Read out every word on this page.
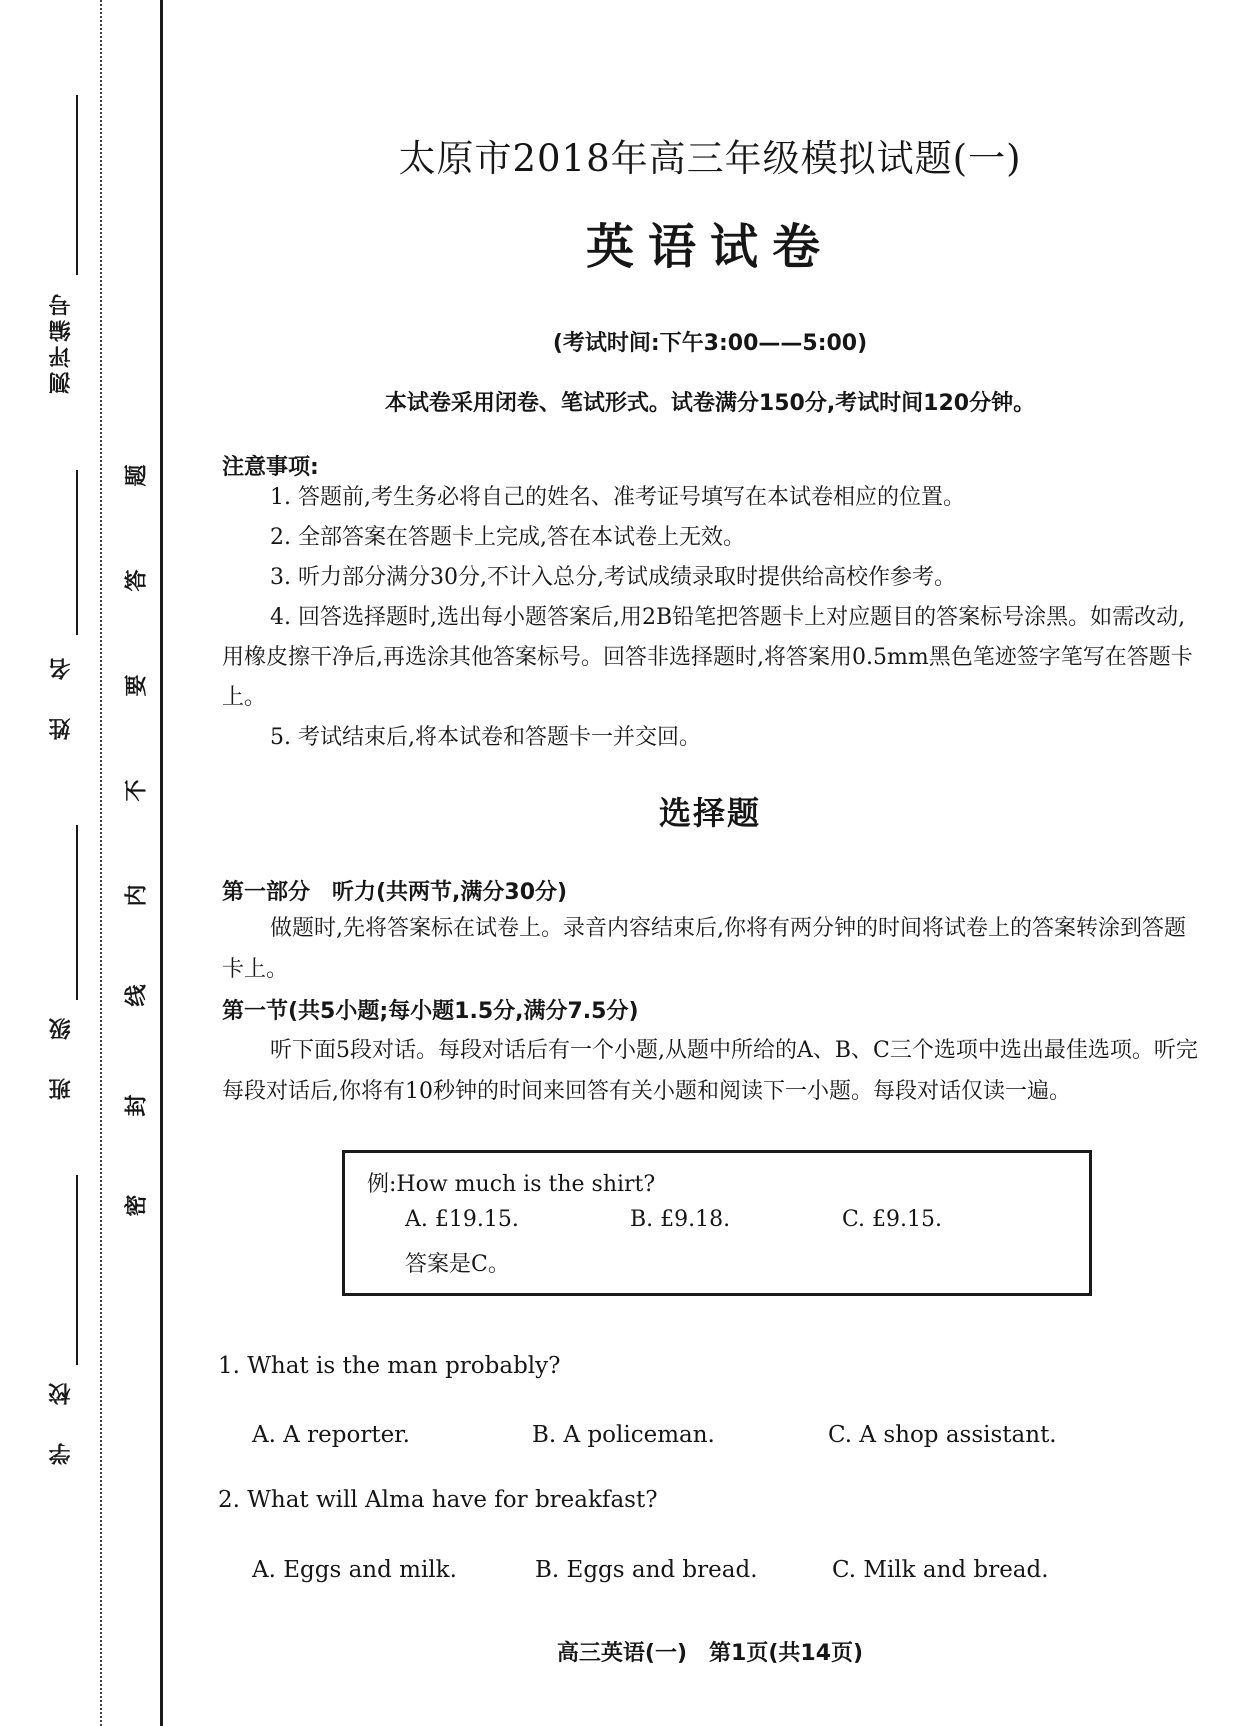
测评编号
姓　名
班　级
学　校
密
封
线
内
不
要
答
题
太原市2018年高三年级模拟试题(一)
英语试卷
(考试时间:下午3:00——5:00)
本试卷采用闭卷、笔试形式。试卷满分150分,考试时间120分钟。
注意事项:

1. 答题前,考生务必将自己的姓名、准考证号填写在本试卷相应的位置。

2. 全部答案在答题卡上完成,答在本试卷上无效。

3. 听力部分满分30分,不计入总分,考试成绩录取时提供给高校作参考。

4. 回答选择题时,选出每小题答案后,用2B铅笔把答题卡上对应题目的答案标号涂黑。如需改动,用橡皮擦干净后,再选涂其他答案标号。回答非选择题时,将答案用0.5mm黑色笔迹签字笔写在答题卡上。

5. 考试结束后,将本试卷和答题卡一并交回。

选择题
第一部分　听力(共两节,满分30分)

做题时,先将答案标在试卷上。录音内容结束后,你将有两分钟的时间将试卷上的答案转涂到答题卡上。

第一节(共5小题;每小题1.5分,满分7.5分)

听下面5段对话。每段对话后有一个小题,从题中所给的A、B、C三个选项中选出最佳选项。听完每段对话后,你将有10秒钟的时间来回答有关小题和阅读下一小题。每段对话仅读一遍。

例:How much is the shirt?
A. £19.15.	B. £9.18.	C. £9.15.
答案是C。
1. What is the man probably?
A. A reporter.	B. A policeman.	C. A shop assistant.
2. What will Alma have for breakfast?
A. Eggs and milk.	B. Eggs and bread.	C. Milk and bread.
高三英语(一)　第1页(共14页)
